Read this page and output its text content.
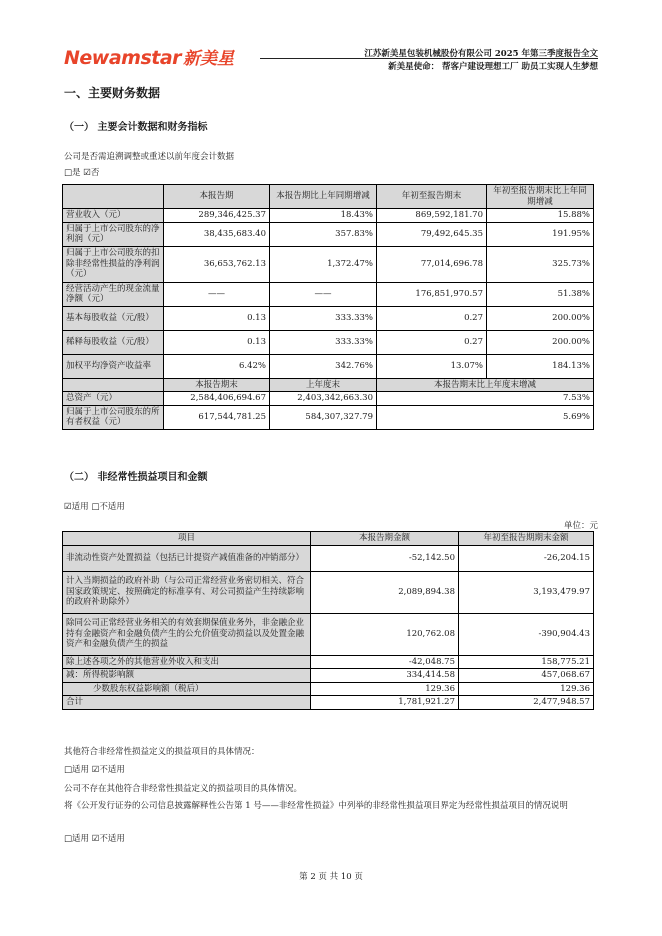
Newamstar 新美星	江苏新美星包装机械股份有限公司 2025 年第三季度报告全文
新美星使命： 帮客户建设理想工厂 助员工实现人生梦想
一、主要财务数据
（一） 主要会计数据和财务指标
公司是否需追溯调整或重述以前年度会计数据
□是 ☑否
	本报告期	本报告期比上年同期增减	年初至报告期末	年初至报告期末比上年同期增减
营业收入（元）	289,346,425.37	18.43%	869,592,181.70	15.88%
归属于上市公司股东的净利润（元）	38,435,683.40	357.83%	79,492,645.35	191.95%
归属于上市公司股东的扣除非经常性损益的净利润（元）	36,653,762.13	1,372.47%	77,014,696.78	325.73%
经营活动产生的现金流量净额（元）	——	——	176,851,970.57	51.38%
基本每股收益（元/股）	0.13	333.33%	0.27	200.00%
稀释每股收益（元/股）	0.13	333.33%	0.27	200.00%
加权平均净资产收益率	6.42%	342.76%	13.07%	184.13%
	本报告期末	上年度末	本报告期末比上年度末增减	
总资产（元）	2,584,406,694.67	2,403,342,663.30	7.53%	
归属于上市公司股东的所有者权益（元）	617,544,781.25	584,307,327.79	5.69%	
（二） 非经常性损益项目和金额
☑适用 □不适用
单位：元
项目	本报告期金额	年初至报告期期末金额
非流动性资产处置损益（包括已计提资产减值准备的冲销部分）	-52,142.50	-26,204.15
计入当期损益的政府补助（与公司正常经营业务密切相关、符合国家政策规定、按照确定的标准享有、对公司损益产生持续影响的政府补助除外）	2,089,894.38	3,193,479.97
除同公司正常经营业务相关的有效套期保值业务外，非金融企业持有金融资产和金融负债产生的公允价值变动损益以及处置金融资产和金融负债产生的损益	120,762.08	-390,904.43
除上述各项之外的其他营业外收入和支出	-42,048.75	158,775.21
减：所得税影响额	334,414.58	457,068.67
少数股东权益影响额（税后）	129.36	129.36
合计	1,781,921.27	2,477,948.57
其他符合非经常性损益定义的损益项目的具体情况：
□适用 ☑不适用
公司不存在其他符合非经常性损益定义的损益项目的具体情况。
将《公开发行证券的公司信息披露解释性公告第 1 号——非经常性损益》中列举的非经常性损益项目界定为经常性损益项目的情况说明
□适用 ☑不适用
第 2 页 共 10 页
